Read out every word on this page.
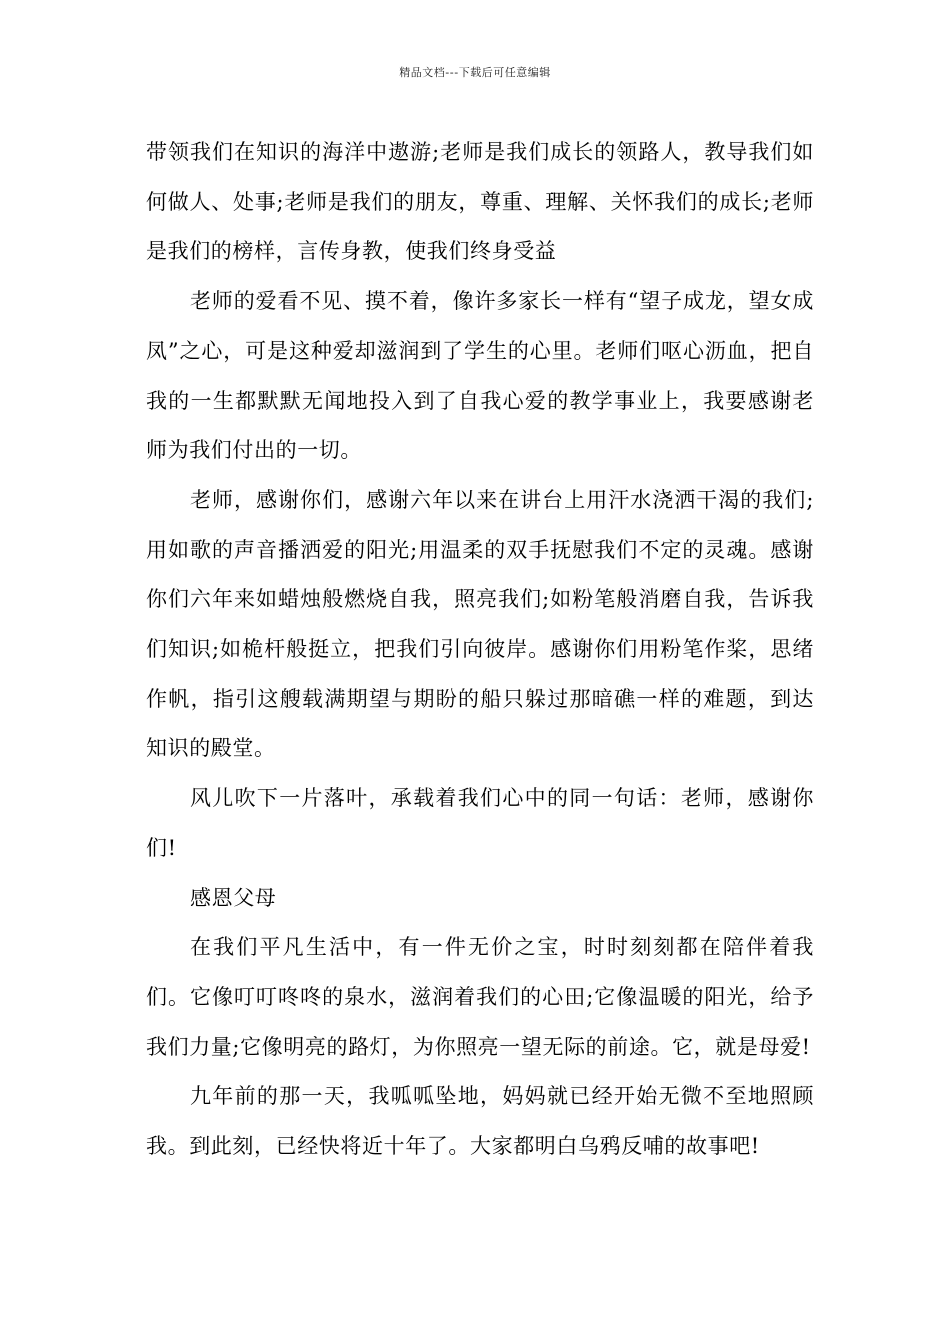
精品文档---下载后可任意编辑

带领我们在知识的海洋中遨游;老师是我们成长的领路人，教导我们如何做人、处事;老师是我们的朋友，尊重、理解、关怀我们的成长;老师是我们的榜样，言传身教，使我们终身受益

老师的爱看不见、摸不着，像许多家长一样有“望子成龙，望女成凤”之心，可是这种爱却滋润到了学生的心里。老师们呕心沥血，把自我的一生都默默无闻地投入到了自我心爱的教学事业上，我要感谢老师为我们付出的一切。

老师，感谢你们，感谢六年以来在讲台上用汗水浇洒干渴的我们;用如歌的声音播洒爱的阳光;用温柔的双手抚慰我们不定的灵魂。感谢你们六年来如蜡烛般燃烧自我，照亮我们;如粉笔般消磨自我，告诉我们知识;如桅杆般挺立，把我们引向彼岸。感谢你们用粉笔作桨，思绪作帆，指引这艘载满期望与期盼的船只躲过那暗礁一样的难题，到达知识的殿堂。

风儿吹下一片落叶，承载着我们心中的同一句话：老师，感谢你们!

感恩父母

在我们平凡生活中，有一件无价之宝，时时刻刻都在陪伴着我们。它像叮叮咚咚的泉水，滋润着我们的心田;它像温暖的阳光，给予我们力量;它像明亮的路灯，为你照亮一望无际的前途。它，就是母爱!

九年前的那一天，我呱呱坠地，妈妈就已经开始无微不至地照顾我。到此刻，已经快将近十年了。大家都明白乌鸦反哺的故事吧!
